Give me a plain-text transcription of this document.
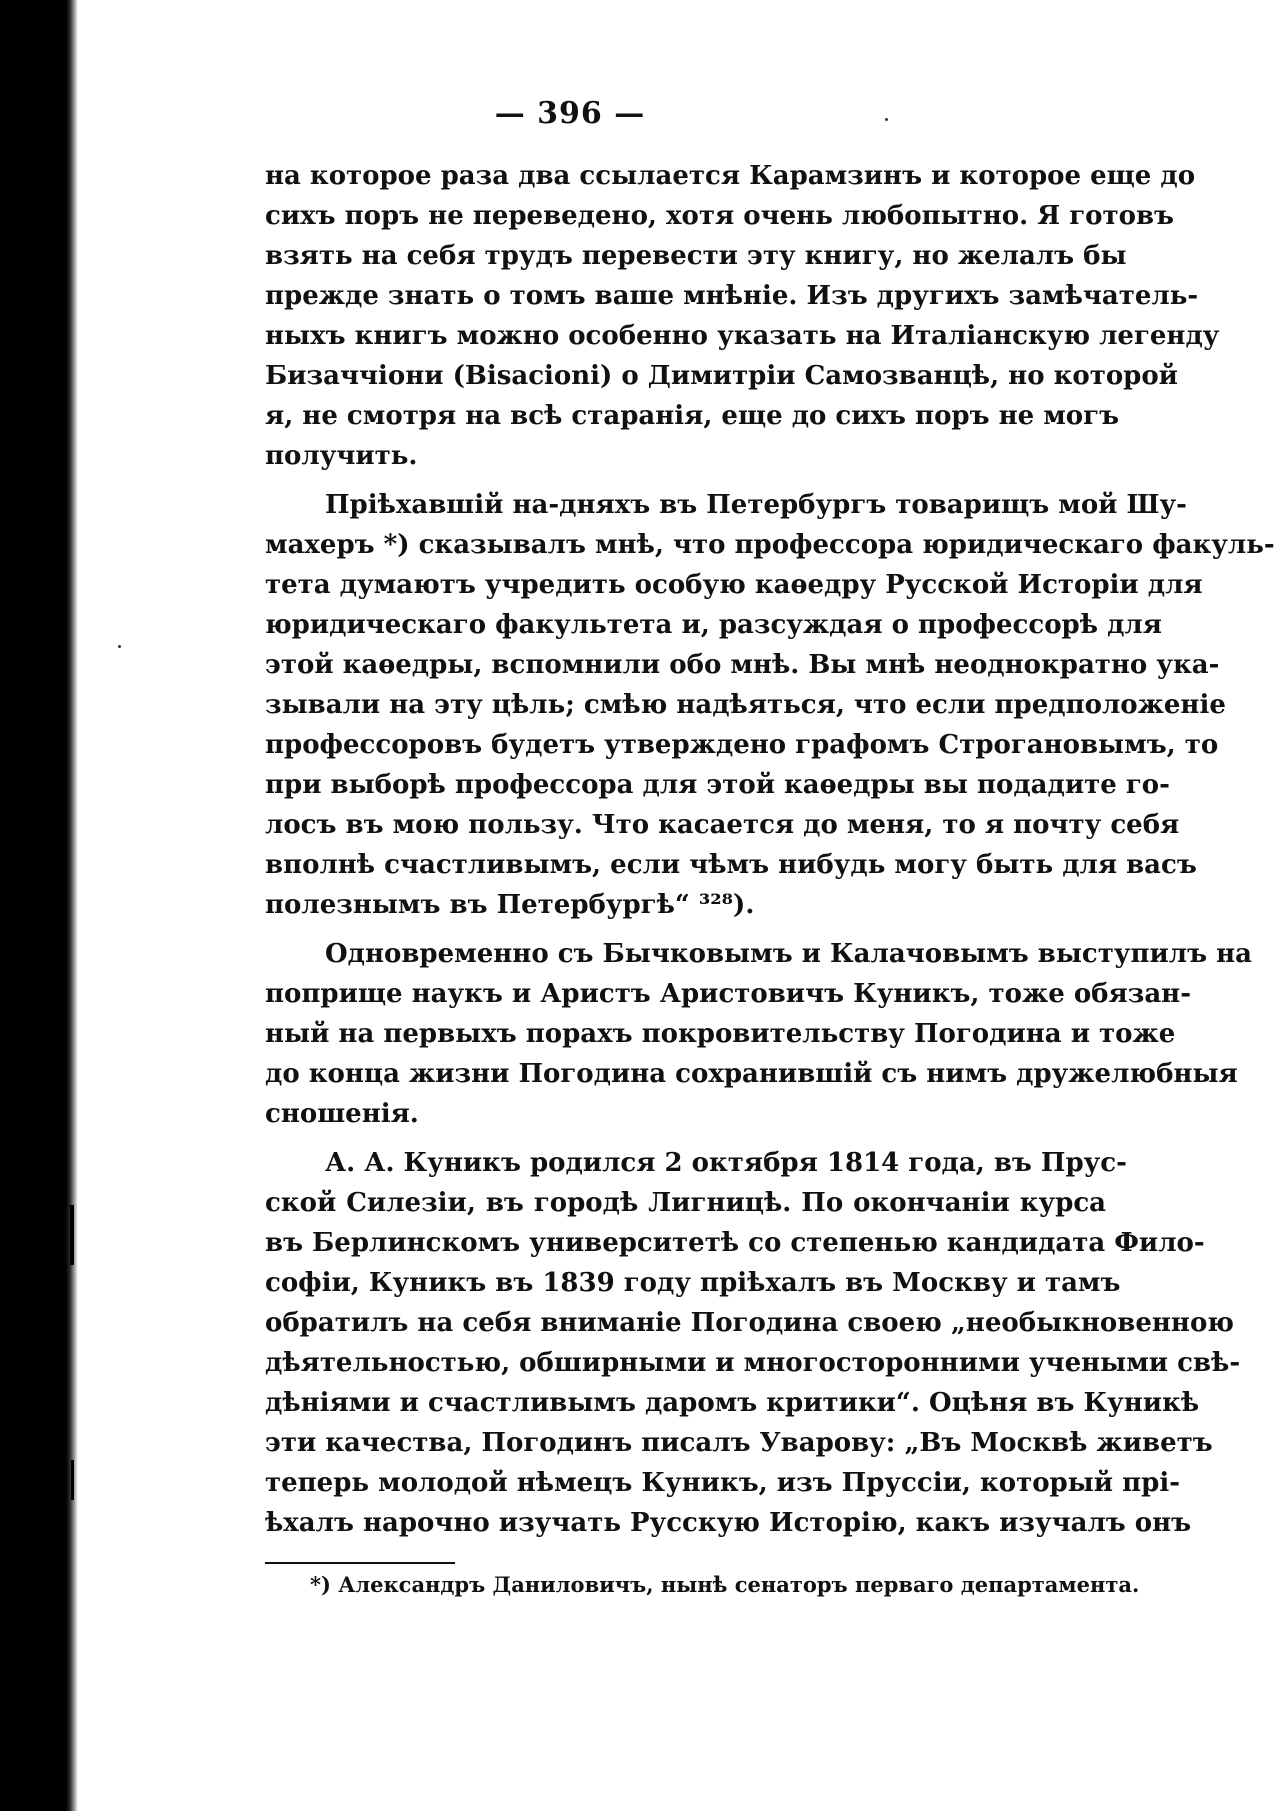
— 396 —
на которое раза два ссылается Карамзинъ и которое еще до
сихъ поръ не переведено, хотя очень любопытно. Я готовъ
взять на себя трудъ перевести эту книгу, но желалъ бы
прежде знать о томъ ваше мнѣніе. Изъ другихъ замѣчатель-
ныхъ книгъ можно особенно указать на Италіанскую легенду
Бизаччіони (Bisacioni) о Димитріи Самозванцѣ, но которой
я, не смотря на всѣ старанія, еще до сихъ поръ не могъ
получить.
Пріѣхавшій на-дняхъ въ Петербургъ товарищъ мой Шу-
махеръ *) сказывалъ мнѣ, что профессора юридическаго факуль-
тета думаютъ учредить особую каѳедру Русской Исторіи для
юридическаго факультета и, разсуждая о профессорѣ для
этой каѳедры, вспомнили обо мнѣ. Вы мнѣ неоднократно ука-
зывали на эту цѣль; смѣю надѣяться, что если предположеніе
профессоровъ будетъ утверждено графомъ Строгановымъ, то
при выборѣ профессора для этой каѳедры вы подадите го-
лосъ въ мою пользу. Что касается до меня, то я почту себя
вполнѣ счастливымъ, если чѣмъ нибудь могу быть для васъ
полезнымъ въ Петербургѣ“ ³²⁸).
Одновременно съ Бычковымъ и Калачовымъ выступилъ на
поприще наукъ и Аристъ Аристовичъ Куникъ, тоже обязан-
ный на первыхъ порахъ покровительству Погодина и тоже
до конца жизни Погодина сохранившій съ нимъ дружелюбныя
сношенія.
А. А. Куникъ родился 2 октября 1814 года, въ Прус-
ской Силезіи, въ городѣ Лигницѣ. По окончаніи курса
въ Берлинскомъ университетѣ со степенью кандидата Фило-
софіи, Куникъ въ 1839 году пріѣхалъ въ Москву и тамъ
обратилъ на себя вниманіе Погодина своею „необыкновенною
дѣятельностью, обширными и многосторонними учеными свѣ-
дѣніями и счастливымъ даромъ критики“. Оцѣня въ Куникѣ
эти качества, Погодинъ писалъ Уварову: „Въ Москвѣ живетъ
теперь молодой нѣмецъ Куникъ, изъ Пруссіи, который прі-
ѣхалъ нарочно изучать Русскую Исторію, какъ изучалъ онъ
*) Александръ Даниловичъ, нынѣ сенаторъ перваго департамента.
